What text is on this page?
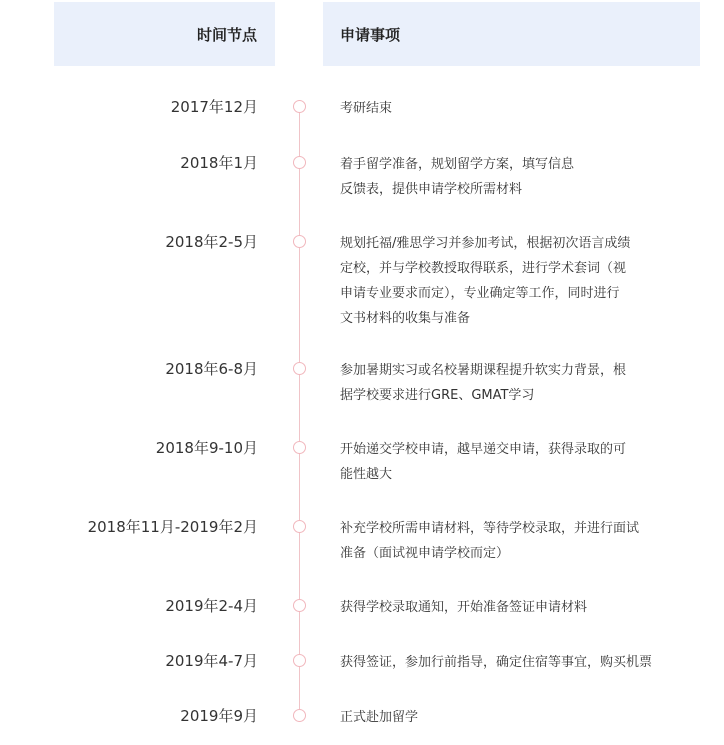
时间节点	申请事项
2017年12月	考研结束
2018年1月	着手留学准备，规划留学方案，填写信息
反馈表，提供申请学校所需材料
2018年2-5月	规划托福/雅思学习并参加考试，根据初次语言成绩
定校，并与学校教授取得联系，进行学术套词（视
申请专业要求而定），专业确定等工作，同时进行
文书材料的收集与准备
2018年6-8月	参加暑期实习或名校暑期课程提升软实力背景，根
据学校要求进行GRE、GMAT学习
2018年9-10月	开始递交学校申请，越早递交申请，获得录取的可
能性越大
2018年11月-2019年2月	补充学校所需申请材料，等待学校录取，并进行面试
准备（面试视申请学校而定）
2019年2-4月	获得学校录取通知，开始准备签证申请材料
2019年4-7月	获得签证，参加行前指导，确定住宿等事宜，购买机票
2019年9月	正式赴加留学
